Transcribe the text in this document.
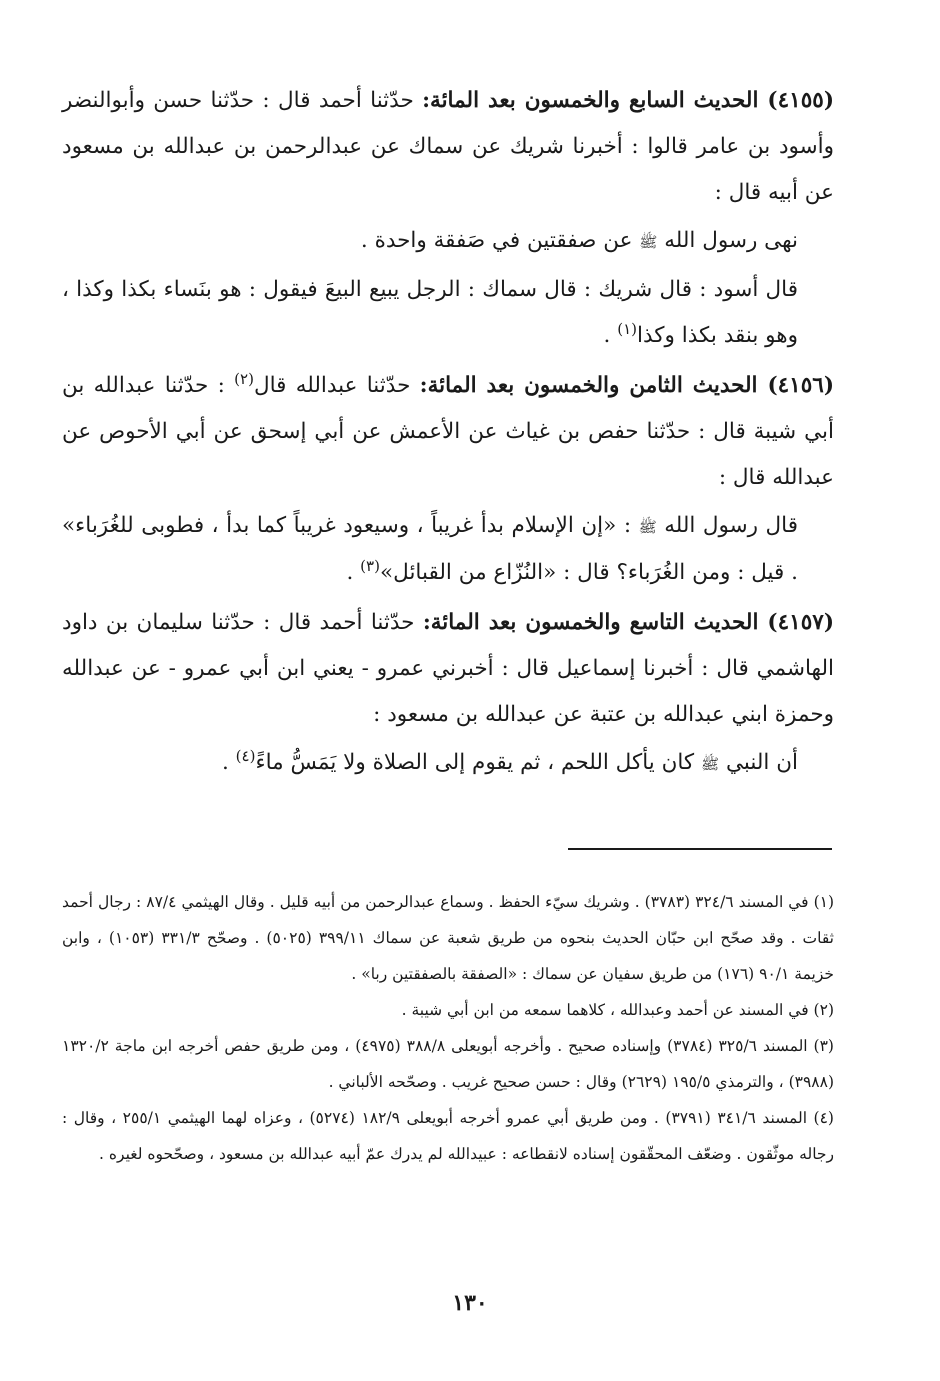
(٤١٥٥) الحديث السابع والخمسون بعد المائة: حدّثنا أحمد قال : حدّثنا حسن وأبوالنضر وأسود بن عامر قالوا : أخبرنا شريك عن سماك عن عبدالرحمن بن عبدالله بن مسعود عن أبيه قال :

نهى رسول الله ﷺ عن صفقتين في صَفقة واحدة .

قال أسود : قال شريك : قال سماك : الرجل يبيع البيعَ فيقول : هو بنَساء بكذا وكذا ، وهو بنقد بكذا وكذا$^{(١)}$ .

(٤١٥٦) الحديث الثامن والخمسون بعد المائة: حدّثنا عبدالله قال$^{(٢)}$ : حدّثنا عبدالله بن أبي شيبة قال : حدّثنا حفص بن غياث عن الأعمش عن أبي إسحق عن أبي الأحوص عن عبدالله قال :

قال رسول الله ﷺ : «إن الإسلام بدأ غريباً ، وسيعود غريباً كما بدأ ، فطوبى للغُرَباء» . قيل : ومن الغُرَباء؟ قال : «النُزّاع من القبائل»$^{(٣)}$ .

(٤١٥٧) الحديث التاسع والخمسون بعد المائة: حدّثنا أحمد قال : حدّثنا سليمان بن داود الهاشمي قال : أخبرنا إسماعيل قال : أخبرني عمرو - يعني ابن أبي عمرو - عن عبدالله وحمزة ابني عبدالله بن عتبة عن عبدالله بن مسعود :

أن النبي ﷺ كان يأكل اللحم ، ثم يقوم إلى الصلاة ولا يَمَسُّ ماءً$^{(٤)}$ .

(١) في المسند ٣٢٤/٦ (٣٧٨٣) . وشريك سيّء الحفظ . وسماع عبدالرحمن من أبيه قليل . وقال الهيثمي ٨٧/٤ : رجال أحمد ثقات . وقد صحّح ابن حبّان الحديث بنحوه من طريق شعبة عن سماك ٣٩٩/١١ (٥٠٢٥) . وصحّح ٣٣١/٣ (١٠٥٣) ، وابن خزيمة ٩٠/١ (١٧٦) من طريق سفيان عن سماك : «الصفقة بالصفقتين ربا» .

(٢) في المسند عن أحمد وعبدالله ، كلاهما سمعه من ابن أبي شيبة .

(٣) المسند ٣٢٥/٦ (٣٧٨٤) وإسناده صحيح . وأخرجه أبويعلى ٣٨٨/٨ (٤٩٧٥) ، ومن طريق حفص أخرجه ابن ماجة ١٣٢٠/٢ (٣٩٨٨) ، والترمذي ١٩٥/٥ (٢٦٢٩) وقال : حسن صحيح غريب . وصحّحه الألباني .

(٤) المسند ٣٤١/٦ (٣٧٩١) . ومن طريق أبي عمرو أخرجه أبويعلى ١٨٢/٩ (٥٢٧٤) ، وعزاه لهما الهيثمي ٢٥٥/١ ، وقال : رجاله موثّقون . وضعّف المحقّقون إسناده لانقطاعه : عبيدالله لم يدرك عمّ أبيه عبدالله بن مسعود ، وصحّحوه لغيره .

١٣٠
